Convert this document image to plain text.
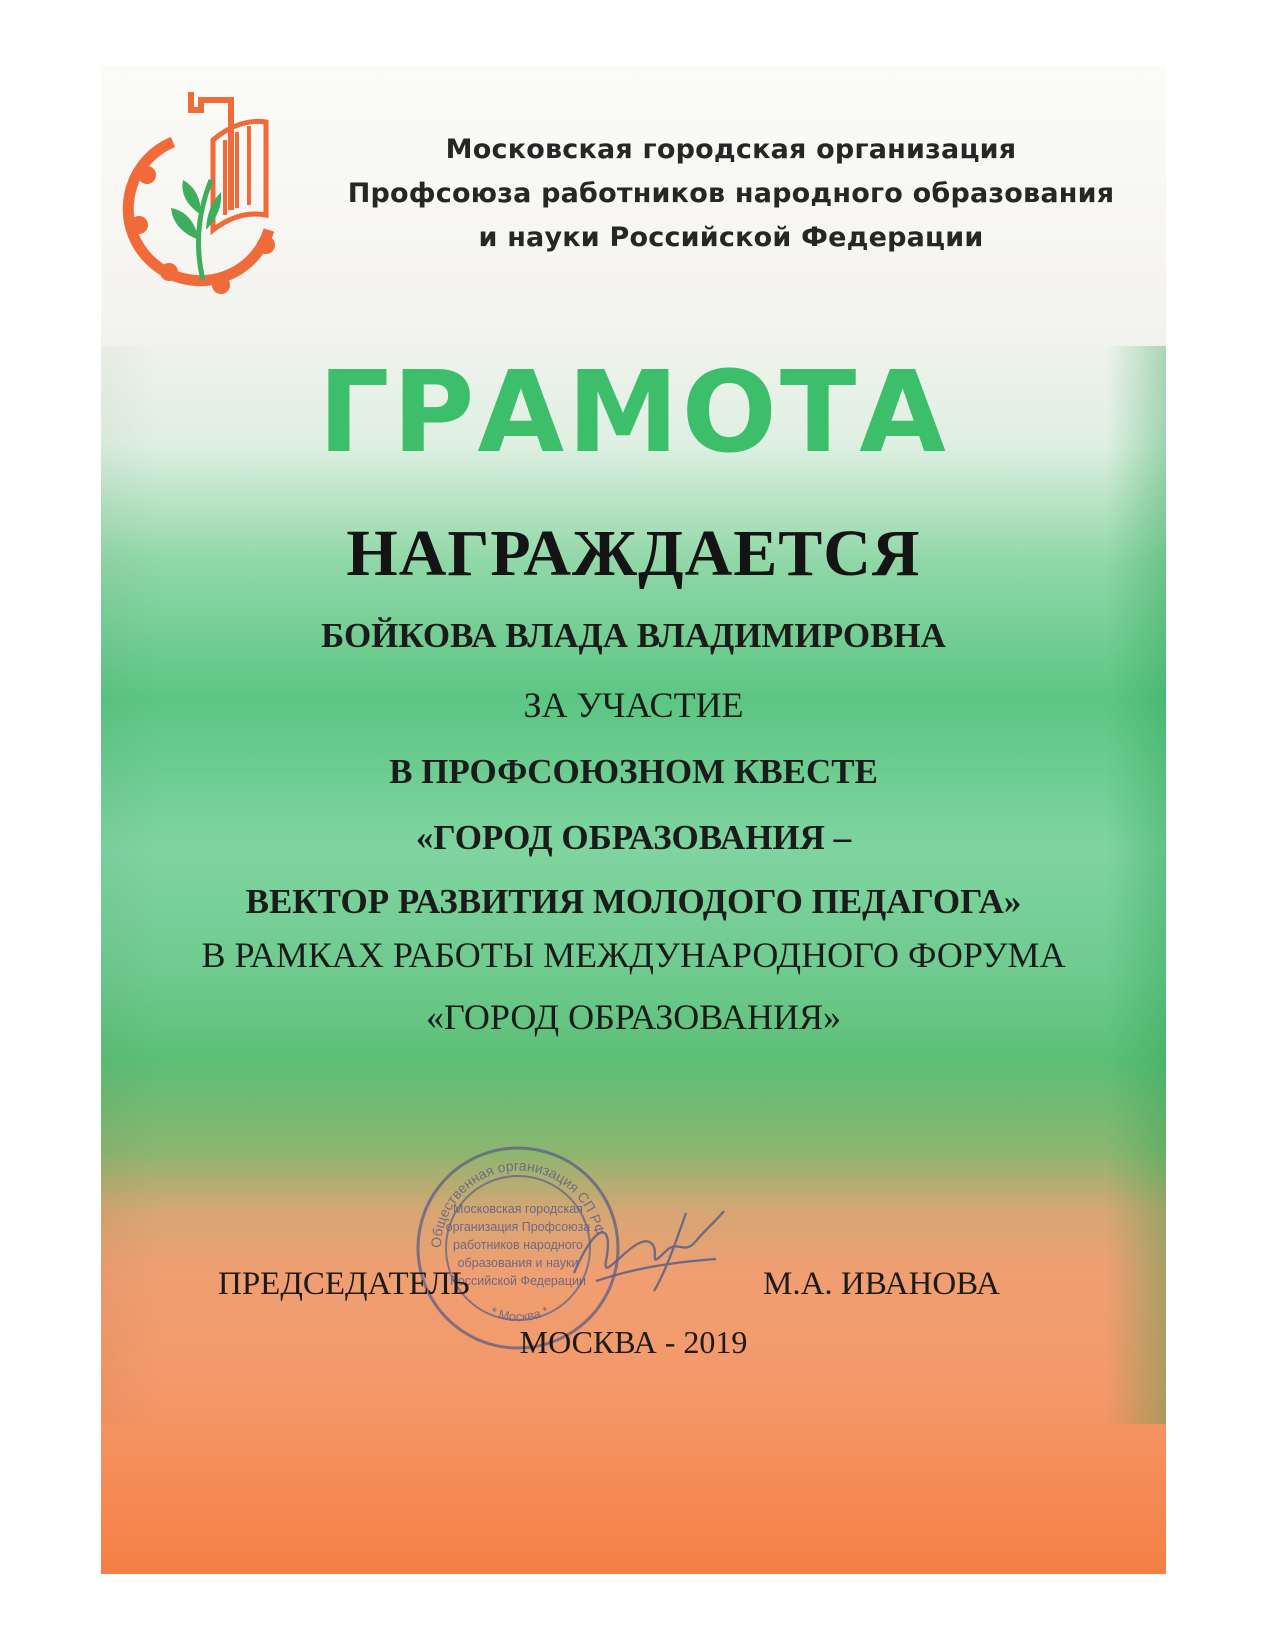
Московская городская организация
Профсоюза работников народного образования
и науки Российской Федерации
ГРАМОТА
НАГРАЖДАЕТСЯ
БОЙКОВА ВЛАДА ВЛАДИМИРОВНА
ЗА УЧАСТИЕ
В ПРОФСОЮЗНОМ КВЕСТЕ
«ГОРОД ОБРАЗОВАНИЯ –
ВЕКТОР РАЗВИТИЯ МОЛОДОГО ПЕДАГОГА»
В РАМКАХ РАБОТЫ МЕЖДУНАРОДНОГО ФОРУМА
«ГОРОД ОБРАЗОВАНИЯ»
Общественная организация СП РФ
* Москва *
Московская городская
организация Профсоюза
работников народного
образования и науки
Российской Федерации
ПРЕДСЕДАТЕЛЬ	М.А. ИВАНОВА
МОСКВА - 2019
